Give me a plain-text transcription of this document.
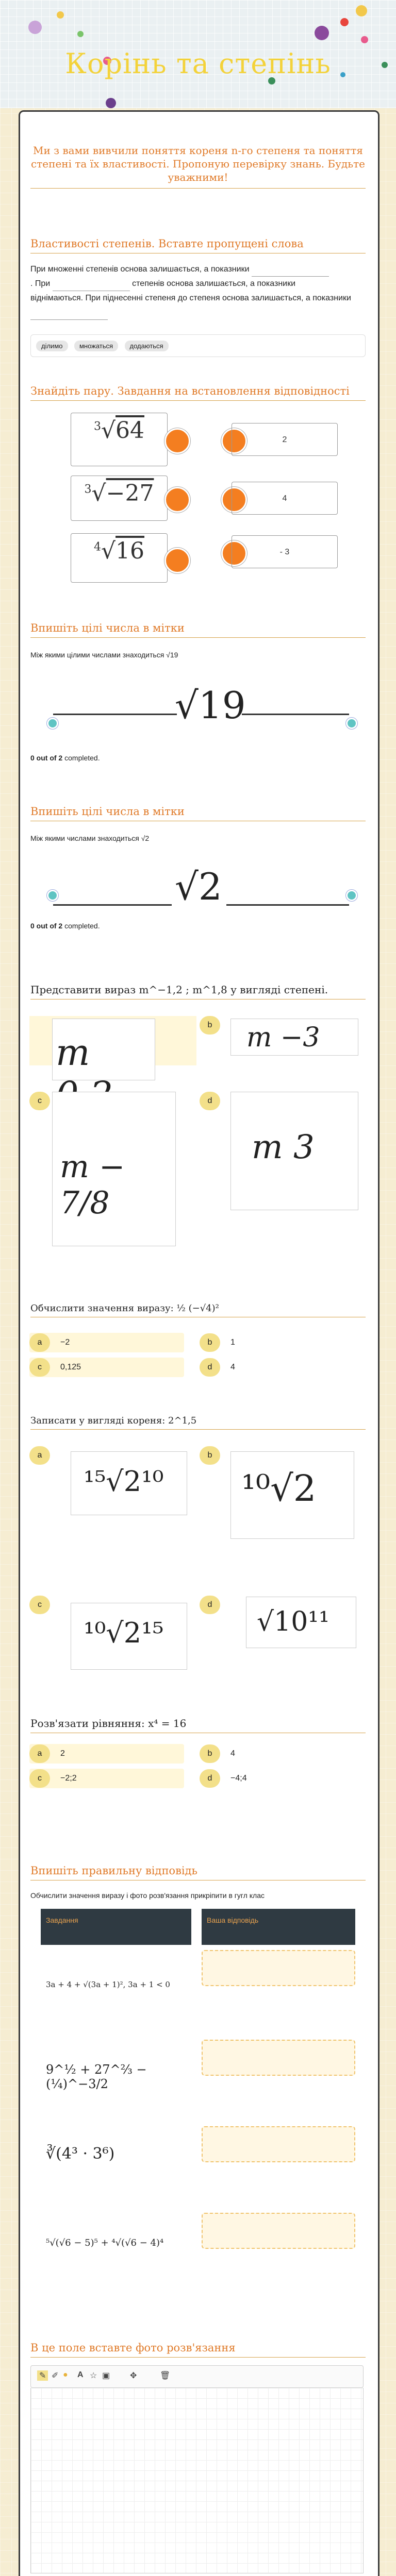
Корінь та степінь
Ми з вами вивчили поняття кореня n-го степеня та поняття степені та їх властивості. Пропоную перевірку знань. Будьте уважними!
Властивості степенів. Вставте пропущені слова
При множенні степенів основа залишається, а показники
. При	степенів основа залишається, а показники
віднімаються. При піднесенні степеня до степеня основа залишається, а показники
ділимо множаться додаються
Знайдіть пару. Завдання на встановлення відповідності
$^3$√64	2
$^3$√−27	4
$^4$√16	- 3
Впишіть цілі числа в мітки
Між якими цілими числами знаходиться √19
√19
0 out of 2 completed.
Впишіть цілі числа в мітки
Між якими числами знаходиться √2
√2
0 out of 2 completed.
Представити вираз m^−1,2 ; m^1,8 у вигляді степені.
m
b	m −3
c
m − 7/8
d
m 3
Обчислити значення виразу: ½ (−√4)²
a	−2	b	1
c	0,125	d	4
Записати у вигляді кореня: 2^1,5
a
¹⁵√2¹⁰
b
¹⁰√2
c
¹⁰√2¹⁵
d
√10¹¹
Розв'язати рівняння: x⁴ = 16
a	2	b	4
c	−2;2	d	−4;4
Впишіть правильну відповідь
Обчислити значення виразу і фото розв'язання прикріпити в гугл клас
Завдання	Ваша відповідь
3a + 4 + √(3a + 1)², 3a + 1 < 0
9^½ + 27^⅔ − (¼)^−3/2
∛(4³ · 3⁶)
⁵√(√6 − 5)⁵ + ⁴√(√6 − 4)⁴
В це поле вставте фото розв'язання
✎ ✐ ● A ☆ ▣ ✥	🗑
